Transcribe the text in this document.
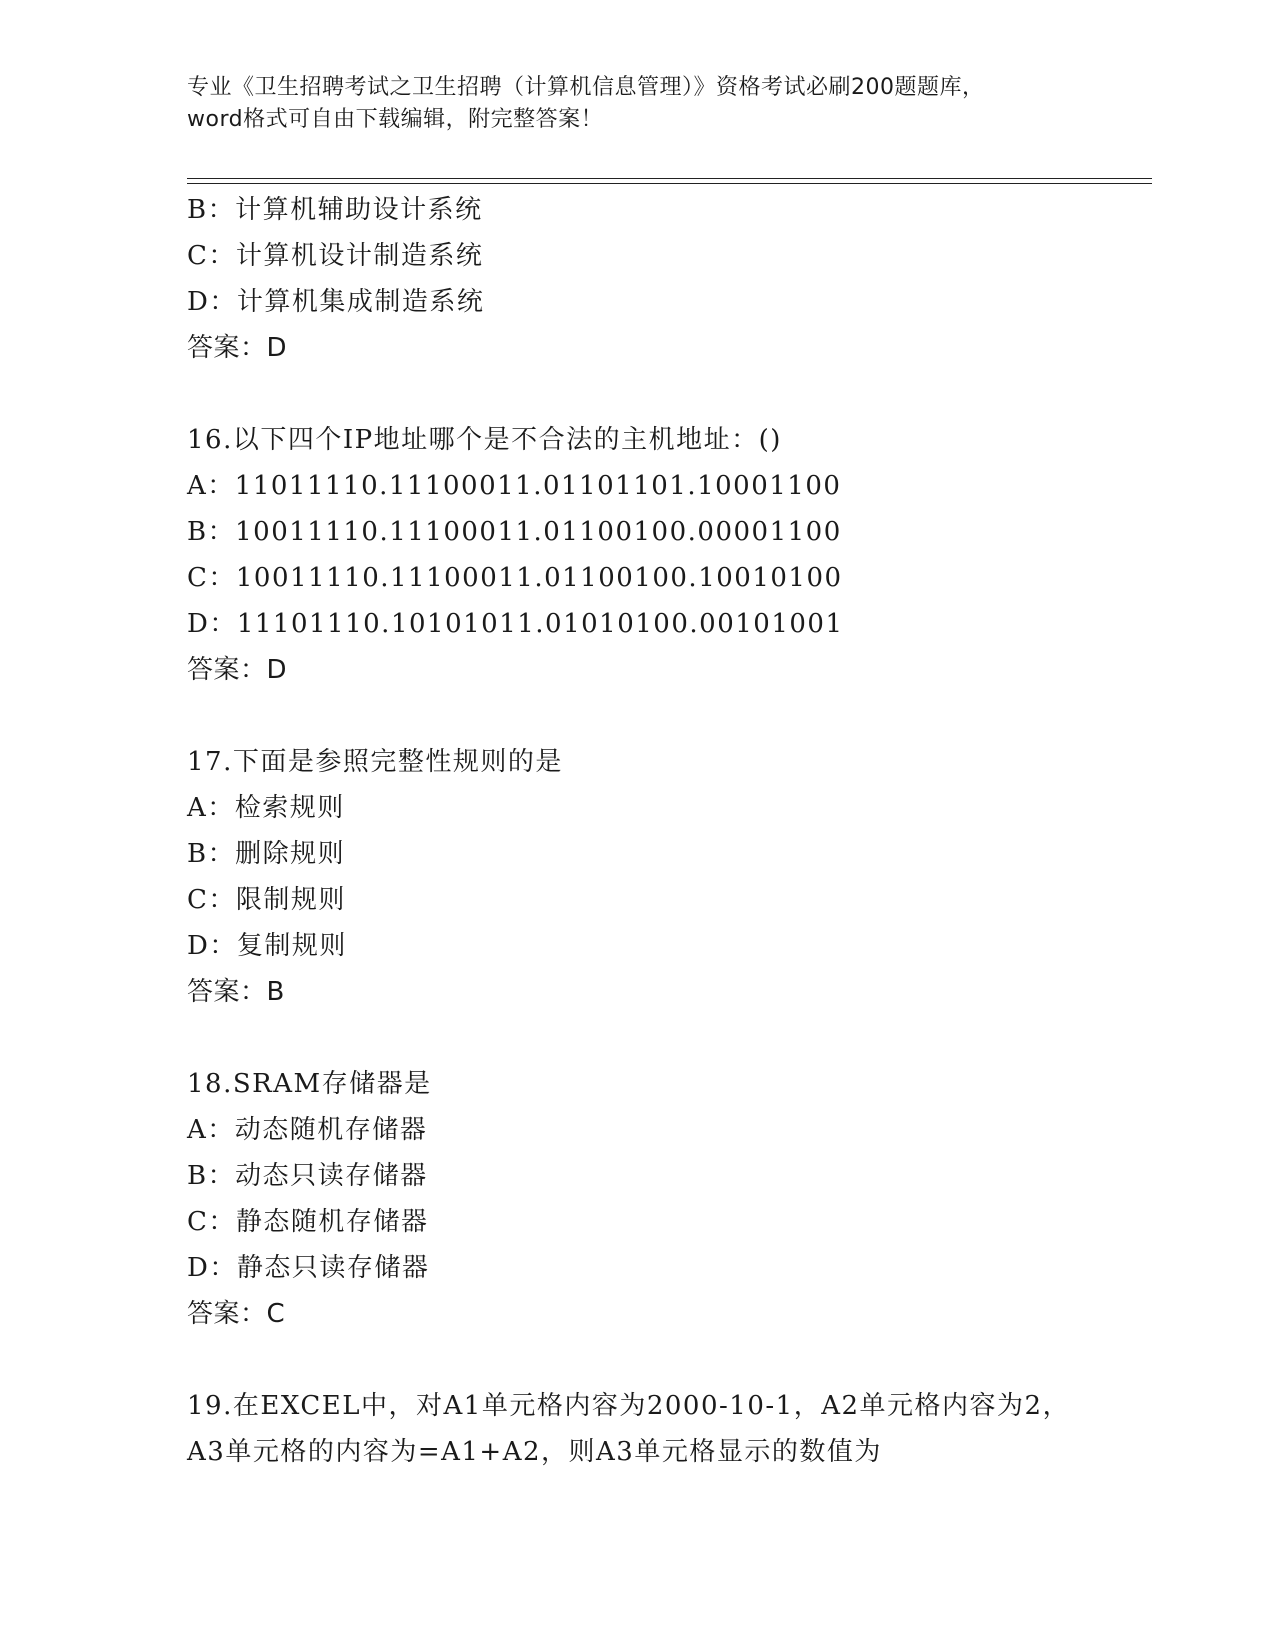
专业《卫生招聘考试之卫生招聘（计算机信息管理）》资格考试必刷200题题库，
word格式可自由下载编辑，附完整答案！
B：计算机辅助设计系统
C：计算机设计制造系统
D：计算机集成制造系统
答案：D
16.以下四个IP地址哪个是不合法的主机地址：()
A：11011110.11100011.01101101.10001100
B：10011110.11100011.01100100.00001100
C：10011110.11100011.01100100.10010100
D：11101110.10101011.01010100.00101001
答案：D
17.下面是参照完整性规则的是
A：检索规则
B：删除规则
C：限制规则
D：复制规则
答案：B
18.SRAM存储器是
A：动态随机存储器
B：动态只读存储器
C：静态随机存储器
D：静态只读存储器
答案：C
19.在EXCEL中，对A1单元格内容为2000-10-1，A2单元格内容为2，
A3单元格的内容为=A1+A2，则A3单元格显示的数值为
